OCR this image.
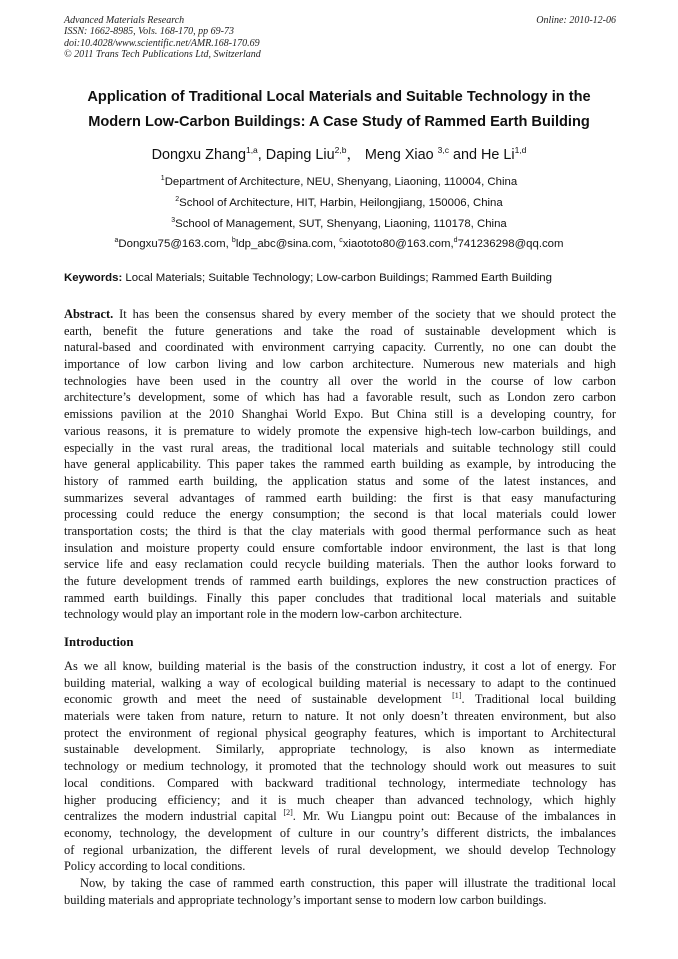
Advanced Materials Research
ISSN: 1662-8985, Vols. 168-170, pp 69-73
doi:10.4028/www.scientific.net/AMR.168-170.69
© 2011 Trans Tech Publications Ltd, Switzerland
Online: 2010-12-06
Application of Traditional Local Materials and Suitable Technology in the
Modern Low-Carbon Buildings: A Case Study of Rammed Earth Building
Dongxu Zhang$^{1,a}$, Daping Liu$^{2,b}$， Meng Xiao $^{3,c}$ and He Li$^{1,d}$
$^1$Department of Architecture, NEU, Shenyang, Liaoning, 110004, China
$^2$School of Architecture, HIT, Harbin, Heilongjiang, 150006, China
$^3$School of Management, SUT, Shenyang, Liaoning, 110178, China
$^a$Dongxu75@163.com, $^b$ldp_abc@sina.com, $^c$xiaototo80@163.com,$^d$741236298@qq.com
Keywords: Local Materials; Suitable Technology; Low-carbon Buildings; Rammed Earth Building
Abstract. It has been the consensus shared by every member of the society that we should protect the
earth, benefit the future generations and take the road of sustainable development which is
natural-based and coordinated with environment carrying capacity. Currently, no one can doubt the
importance of low carbon living and low carbon architecture. Numerous new materials and high
technologies have been used in the country all over the world in the course of low carbon
architecture’s development, some of which has had a favorable result, such as London zero carbon
emissions pavilion at the 2010 Shanghai World Expo. But China still is a developing country, for
various reasons, it is premature to widely promote the expensive high-tech low-carbon buildings, and
especially in the vast rural areas, the traditional local materials and suitable technology still could
have general applicability. This paper takes the rammed earth building as example, by introducing the
history of rammed earth building, the application status and some of the latest instances, and
summarizes several advantages of rammed earth building: the first is that easy manufacturing
processing could reduce the energy consumption; the second is that local materials could lower
transportation costs; the third is that the clay materials with good thermal performance such as heat
insulation and moisture property could ensure comfortable indoor environment, the last is that long
service life and easy reclamation could recycle building materials. Then the author looks forward to
the future development trends of rammed earth buildings, explores the new construction practices of
rammed earth buildings. Finally this paper concludes that traditional local materials and suitable
technology would play an important role in the modern low-carbon architecture.
Introduction
As we all know, building material is the basis of the construction industry, it cost a lot of energy. For
building material, walking a way of ecological building material is necessary to adapt to the continued
economic growth and meet the need of sustainable development [1]. Traditional local building
materials were taken from nature, return to nature. It not only doesn’t threaten environment, but also
protect the environment of regional physical geography features, which is important to Architectural
sustainable development. Similarly, appropriate technology, is also known as intermediate
technology or medium technology, it promoted that the technology should work out measures to suit
local conditions. Compared with backward traditional technology, intermediate technology has
higher producing efficiency; and it is much cheaper than advanced technology, which highly
centralizes the modern industrial capital [2]. Mr. Wu Liangpu point out: Because of the imbalances in
economy, technology, the development of culture in our country’s different districts, the imbalances
of regional urbanization, the different levels of rural development, we should develop Technology
Policy according to local conditions.
Now, by taking the case of rammed earth construction, this paper will illustrate the traditional local
building materials and appropriate technology’s important sense to modern low carbon buildings.
